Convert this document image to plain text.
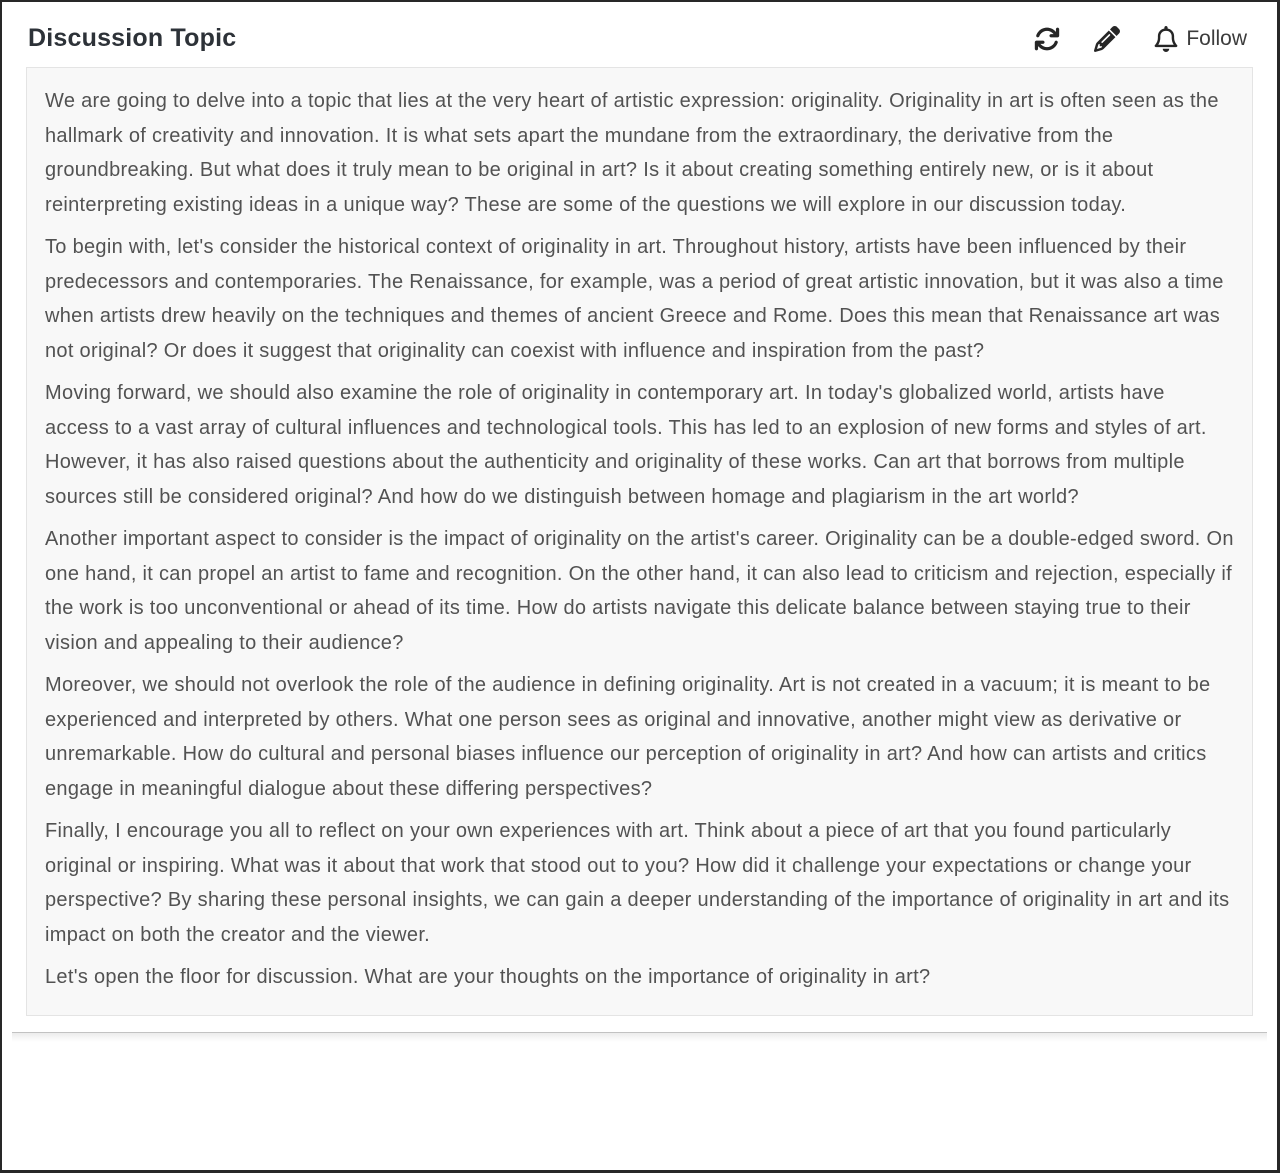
Discussion Topic	Follow

We are going to delve into a topic that lies at the very heart of artistic expression: originality. Originality in art is often seen as the hallmark of creativity and innovation. It is what sets apart the mundane from the extraordinary, the derivative from the groundbreaking. But what does it truly mean to be original in art? Is it about creating something entirely new, or is it about reinterpreting existing ideas in a unique way? These are some of the questions we will explore in our discussion today.

To begin with, let's consider the historical context of originality in art. Throughout history, artists have been influenced by their predecessors and contemporaries. The Renaissance, for example, was a period of great artistic innovation, but it was also a time when artists drew heavily on the techniques and themes of ancient Greece and Rome. Does this mean that Renaissance art was not original? Or does it suggest that originality can coexist with influence and inspiration from the past?

Moving forward, we should also examine the role of originality in contemporary art. In today's globalized world, artists have access to a vast array of cultural influences and technological tools. This has led to an explosion of new forms and styles of art. However, it has also raised questions about the authenticity and originality of these works. Can art that borrows from multiple sources still be considered original? And how do we distinguish between homage and plagiarism in the art world?

Another important aspect to consider is the impact of originality on the artist's career. Originality can be a double-edged sword. On one hand, it can propel an artist to fame and recognition. On the other hand, it can also lead to criticism and rejection, especially if the work is too unconventional or ahead of its time. How do artists navigate this delicate balance between staying true to their vision and appealing to their audience?

Moreover, we should not overlook the role of the audience in defining originality. Art is not created in a vacuum; it is meant to be experienced and interpreted by others. What one person sees as original and innovative, another might view as derivative or unremarkable. How do cultural and personal biases influence our perception of originality in art? And how can artists and critics engage in meaningful dialogue about these differing perspectives?

Finally, I encourage you all to reflect on your own experiences with art. Think about a piece of art that you found particularly original or inspiring. What was it about that work that stood out to you? How did it challenge your expectations or change your perspective? By sharing these personal insights, we can gain a deeper understanding of the importance of originality in art and its impact on both the creator and the viewer.

Let's open the floor for discussion. What are your thoughts on the importance of originality in art?
